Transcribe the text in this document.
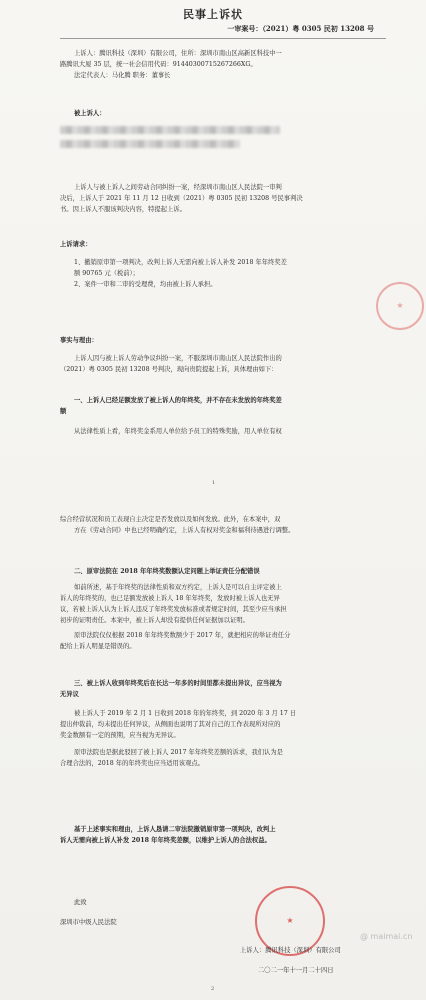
民事上诉状
一审案号：（2021）粤 0305 民初 13208 号
上诉人：腾讯科技（深圳）有限公司，住所：深圳市南山区高新区科技中一
路腾讯大厦 35 层，统一社会信用代码：91440300715267266XG。
法定代表人：马化腾 职务：董事长
被上诉人：
上诉人与被上诉人之间劳动合同纠纷一案，经深圳市南山区人民法院一审判
决后，上诉人于 2021 年 11 月 12 日收到（2021）粤 0305 民初 13208 号民事判决
书。因上诉人不服该判决内容，特提起上诉。
上诉请求：
1、撤销原审第一项判决，改判上诉人无需向被上诉人补发 2018 年年终奖差
额 90765 元（税前）；
2、案件一审和二审的受理费，均由被上诉人承担。
★
事实与理由：
上诉人因与被上诉人劳动争议纠纷一案，不服深圳市南山区人民法院作出的
（2021）粤 0305 民初 13208 号判决，现向贵院提起上诉，具体理由如下：
一、上诉人已经足额发放了被上诉人的年终奖，并不存在未发放的年终奖差
额
从法律性质上看，年终奖金系用人单位给予员工的特殊奖励，用人单位有权
1
综合经营状况和员工表现自主决定是否发放以及如何发放。此外，在本案中，双
方在《劳动合同》中也已经明确约定，上诉人有权对奖金和福利待遇进行调整。
二、原审法院在 2018 年年终奖数额认定问题上举证责任分配错误
如前所述，基于年终奖的法律性质和双方约定，上诉人是可以自主评定被上
诉人的年终奖的，也已足额发放被上诉人 18 年年终奖，发放时被上诉人也无异
议，若被上诉人认为上诉人违反了年终奖发放标准或者规定时间，其至少应当承担
初步的证明责任。本案中，被上诉人却没有提供任何证据加以证明。
原审法院仅仅根据 2018 年年终奖数额少于 2017 年，就把相应的举证责任分
配给上诉人明显是错误的。
三、被上诉人收到年终奖后在长达一年多的时间里都未提出异议，应当视为
无异议
被上诉人于 2019 年 2 月 1 日收到 2018 年的年终奖，到 2020 年 3 月 17 日
提出仲裁前，均未提出任何异议，从侧面也说明了其对自己的工作表现所对应的
奖金数额有一定的预期，应当视为无异议。
原审法院也是据此驳回了被上诉人 2017 年年终奖差额的诉求，我们认为是
合理合法的，2018 年的年终奖也应当适用该观点。
基于上述事实和理由，上诉人恳请二审法院撤销原审第一项判决，改判上
诉人无需向被上诉人补发 2018 年年终奖差额，以维护上诉人的合法权益。
此致
深圳市中级人民法院	★
上诉人：腾讯科技（深圳）有限公司
二〇二一年十一月二十四日
2
@ maimai.cn
